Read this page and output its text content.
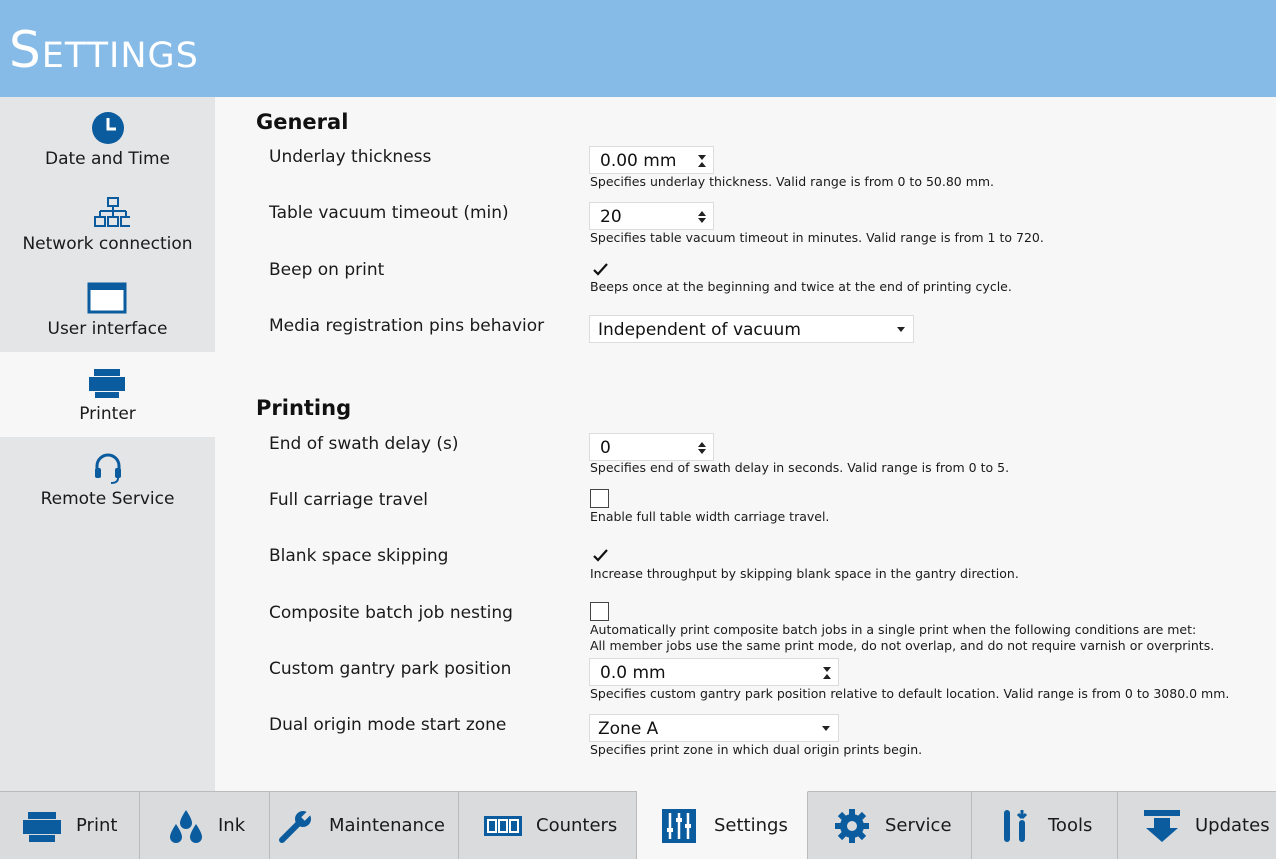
Settings
Date and Time
Network connection
User interface
Printer
Remote Service
General
Underlay thickness	0.00 mm
Specifies underlay thickness. Valid range is from 0 to 50.80 mm.
Table vacuum timeout (min)	20
Specifies table vacuum timeout in minutes. Valid range is from 1 to 720.
Beep on print
Beeps once at the beginning and twice at the end of printing cycle.
Media registration pins behavior	Independent of vacuum
Printing
End of swath delay (s)	0
Specifies end of swath delay in seconds. Valid range is from 0 to 5.
Full carriage travel
Enable full table width carriage travel.
Blank space skipping
Increase throughput by skipping blank space in the gantry direction.
Composite batch job nesting
Automatically print composite batch jobs in a single print when the following conditions are met:
All member jobs use the same print mode, do not overlap, and do not require varnish or overprints.
Custom gantry park position	0.0 mm
Specifies custom gantry park position relative to default location. Valid range is from 0 to 3080.0 mm.
Dual origin mode start zone	Zone A
Specifies print zone in which dual origin prints begin.
Print	Ink	Maintenance	Counters	Settings	Service	Tools	Updates
